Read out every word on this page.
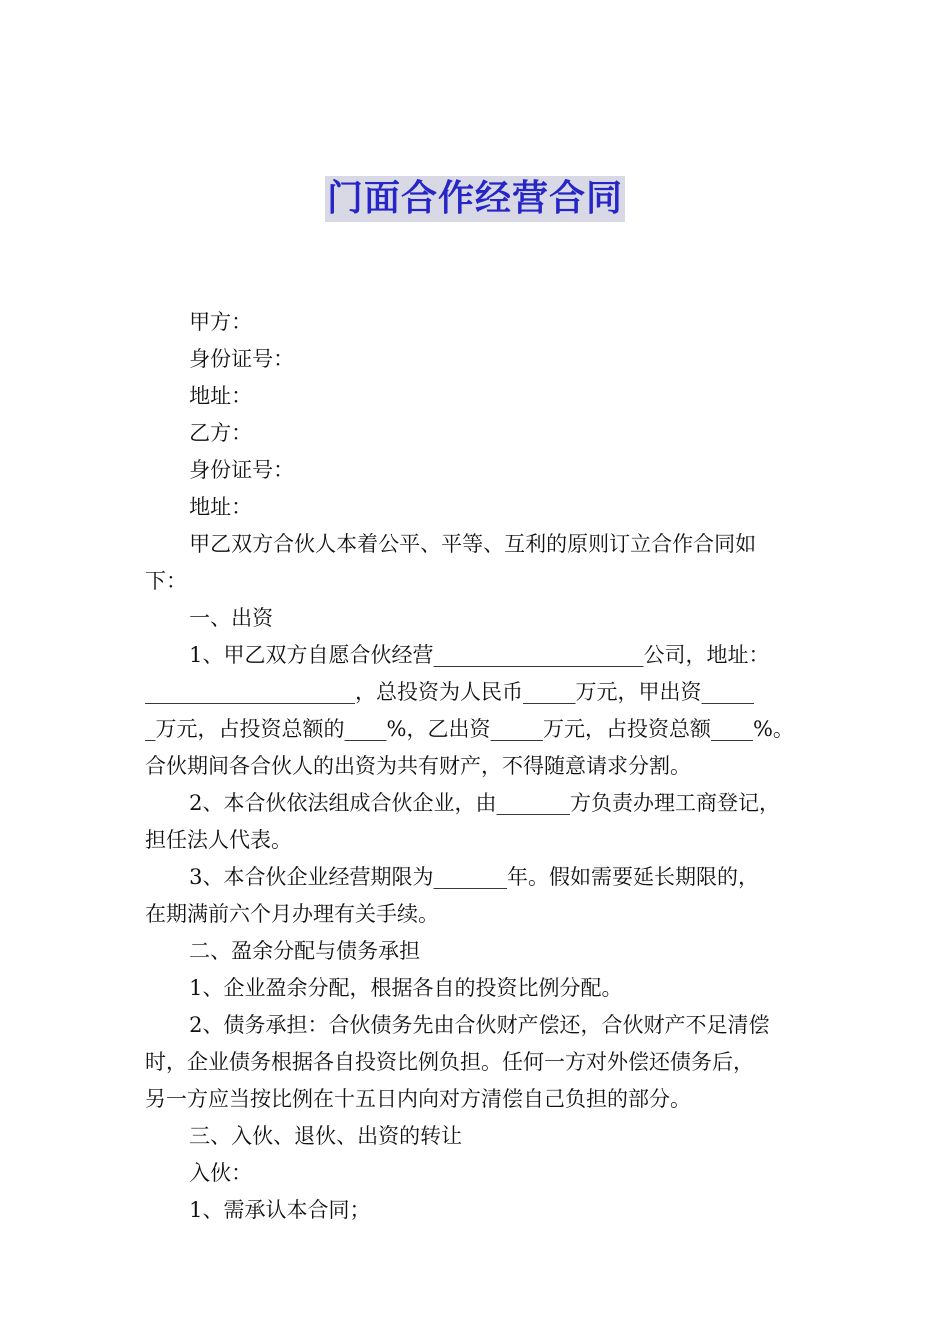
门面合作经营合同

甲方：

身份证号：

地址：

乙方：

身份证号：

地址：

甲乙双方合伙人本着公平、平等、互利的原则订立合作合同如

下：

一、出资

1、甲乙双方自愿合伙经营____________________公司，地址：

____________________，总投资为人民币_____万元，甲出资_____

_万元，占投资总额的____%，乙出资_____万元，占投资总额____%。

合伙期间各合伙人的出资为共有财产，不得随意请求分割。

2、本合伙依法组成合伙企业，由_______方负责办理工商登记，

担任法人代表。

3、本合伙企业经营期限为_______年。假如需要延长期限的，

在期满前六个月办理有关手续。

二、盈余分配与债务承担

1、企业盈余分配，根据各自的投资比例分配。

2、债务承担：合伙债务先由合伙财产偿还，合伙财产不足清偿

时，企业债务根据各自投资比例负担。任何一方对外偿还债务后，

另一方应当按比例在十五日内向对方清偿自己负担的部分。

三、入伙、退伙、出资的转让

入伙：

1、需承认本合同；
